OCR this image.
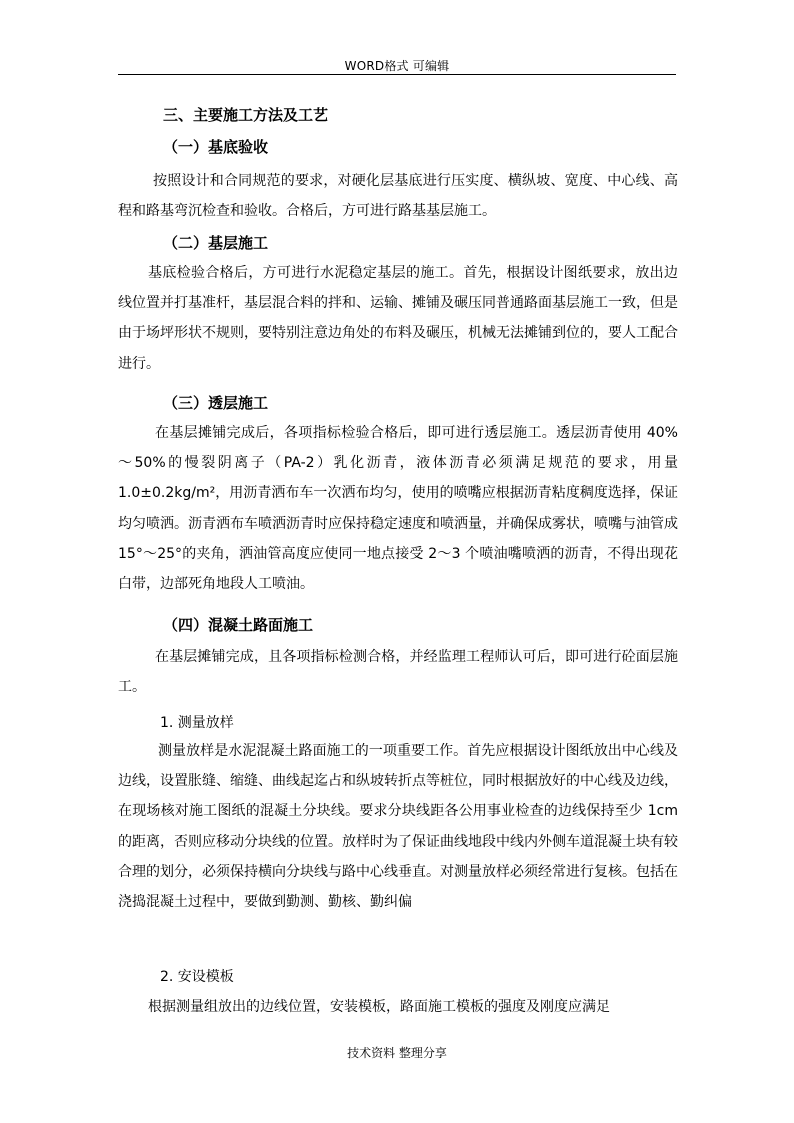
WORD格式 可编辑
三、主要施工方法及工艺
（一）基底验收
按照设计和合同规范的要求，对硬化层基底进行压实度、横纵坡、宽度、中心线、高程和路基弯沉检查和验收。合格后，方可进行路基基层施工。
（二）基层施工
基底检验合格后，方可进行水泥稳定基层的施工。首先，根据设计图纸要求，放出边线位置并打基准杆，基层混合料的拌和、运输、摊铺及碾压同普通路面基层施工一致，但是由于场坪形状不规则，要特别注意边角处的布料及碾压，机械无法摊铺到位的，要人工配合进行。
（三）透层施工
在基层摊铺完成后，各项指标检验合格后，即可进行透层施工。透层沥青使用 40%～50%的慢裂阴离子（PA-2）乳化沥青，液体沥青必须满足规范的要求，用量 1.0±0.2kg/m²，用沥青洒布车一次洒布均匀，使用的喷嘴应根据沥青粘度稠度选择，保证均匀喷洒。沥青洒布车喷洒沥青时应保持稳定速度和喷洒量，并确保成雾状，喷嘴与油管成 15°～25°的夹角，洒油管高度应使同一地点接受 2～3 个喷油嘴喷洒的沥青，不得出现花白带，边部死角地段人工喷油。
（四）混凝土路面施工
在基层摊铺完成，且各项指标检测合格，并经监理工程师认可后，即可进行砼面层施工。
1. 测量放样
测量放样是水泥混凝土路面施工的一项重要工作。首先应根据设计图纸放出中心线及边线，设置胀缝、缩缝、曲线起迄占和纵坡转折点等桩位，同时根据放好的中心线及边线，在现场核对施工图纸的混凝土分块线。要求分块线距各公用事业检查的边线保持至少 1cm 的距离，否则应移动分块线的位置。放样时为了保证曲线地段中线内外侧车道混凝土块有较合理的划分，必须保持横向分块线与路中心线垂直。对测量放样必须经常进行复核。包括在浇捣混凝土过程中，要做到勤测、勤核、勤纠偏
2. 安设模板
根据测量组放出的边线位置，安装模板，路面施工模板的强度及刚度应满足
技术资料 整理分享
